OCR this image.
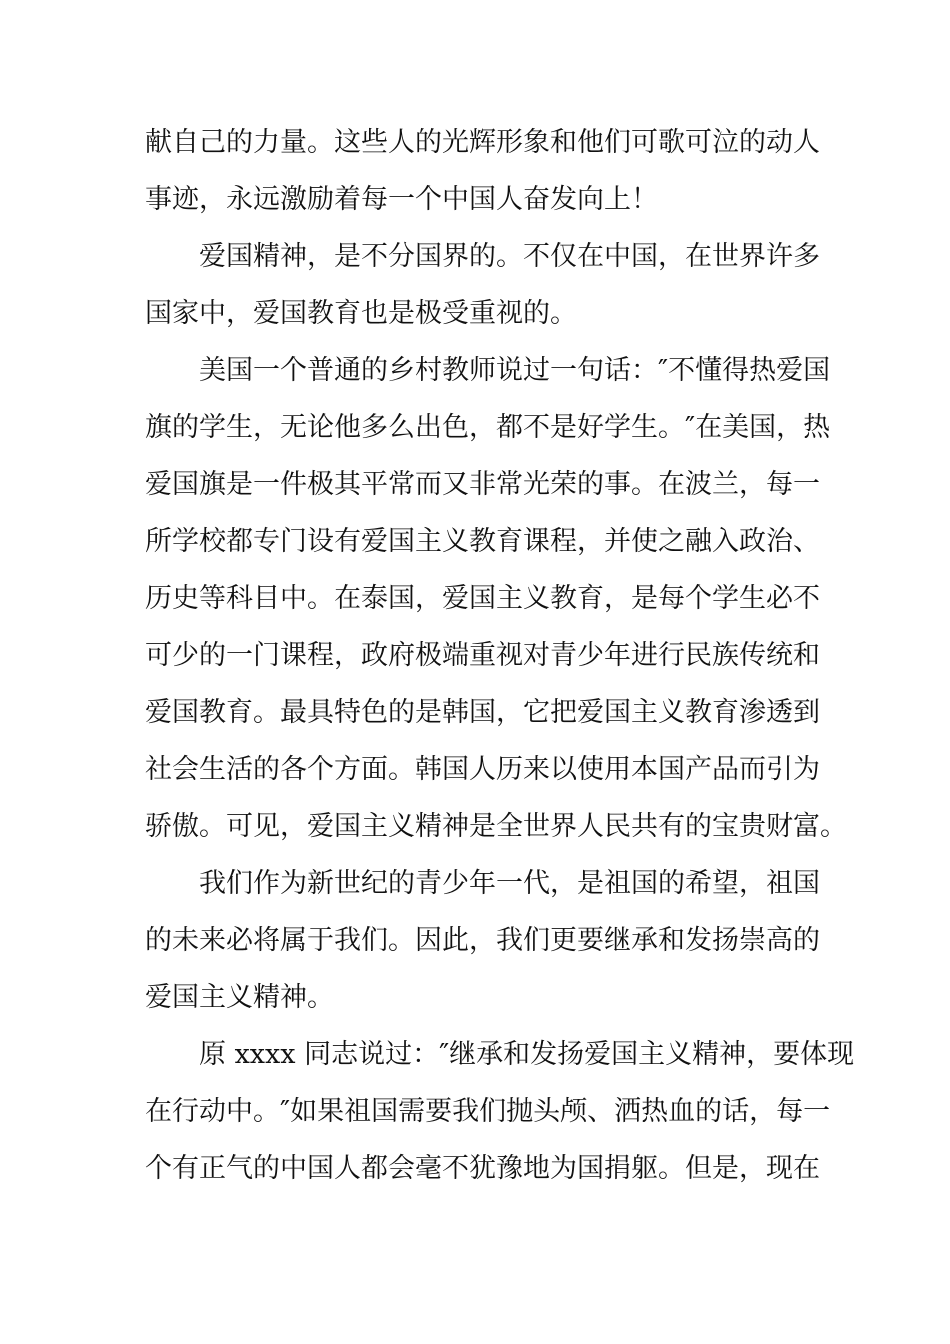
献自己的力量。这些人的光辉形象和他们可歌可泣的动人
事迹，永远激励着每一个中国人奋发向上！
爱国精神，是不分国界的。不仅在中国，在世界许多
国家中，爱国教育也是极受重视的。
美国一个普通的乡村教师说过一句话：″不懂得热爱国
旗的学生，无论他多么出色，都不是好学生。″在美国，热
爱国旗是一件极其平常而又非常光荣的事。在波兰，每一
所学校都专门设有爱国主义教育课程，并使之融入政治、
历史等科目中。在泰国，爱国主义教育，是每个学生必不
可少的一门课程，政府极端重视对青少年进行民族传统和
爱国教育。最具特色的是韩国，它把爱国主义教育渗透到
社会生活的各个方面。韩国人历来以使用本国产品而引为
骄傲。可见，爱国主义精神是全世界人民共有的宝贵财富。
我们作为新世纪的青少年一代，是祖国的希望，祖国
的未来必将属于我们。因此，我们更要继承和发扬崇高的
爱国主义精神。
原 xxxx 同志说过：″继承和发扬爱国主义精神，要体现
在行动中。″如果祖国需要我们抛头颅、洒热血的话，每一
个有正气的中国人都会毫不犹豫地为国捐躯。但是，现在
